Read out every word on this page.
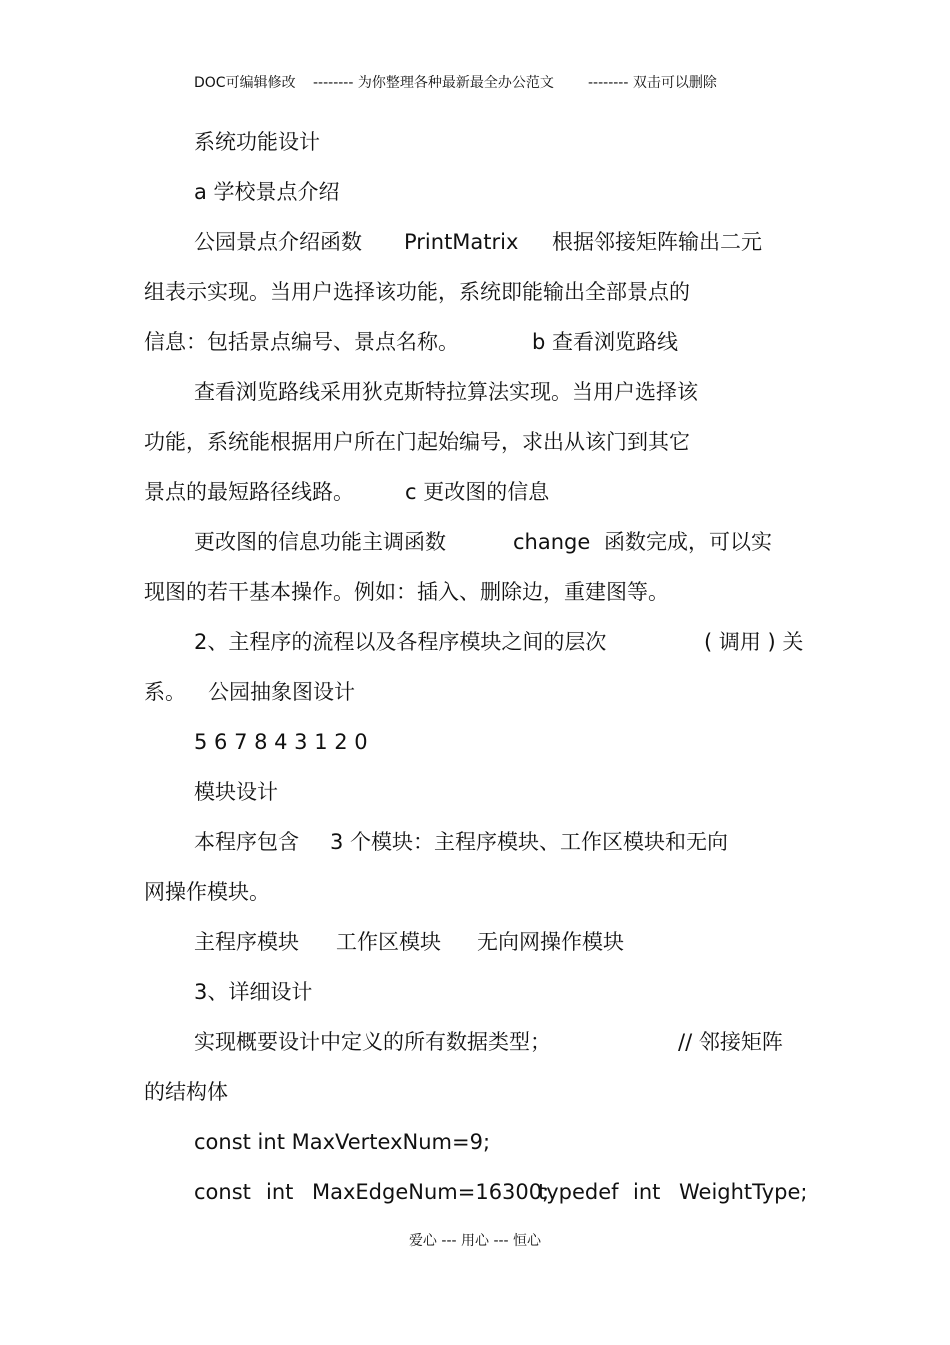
DOC可编辑修改 -------- 为你整理各种最新最全办公范文 -------- 双击可以删除
系统功能设计
a 学校景点介绍
公园景点介绍函数 PrintMatrix 根据邻接矩阵输出二元
组表示实现。当用户选择该功能，系统即能输出全部景点的
信息：包括景点编号、景点名称。	b 查看浏览路线
查看浏览路线采用狄克斯特拉算法实现。当用户选择该
功能，系统能根据用户所在门起始编号，求出从该门到其它
景点的最短路径线路。 c 更改图的信息
更改图的信息功能主调函数	change 函数完成，可以实
现图的若干基本操作。例如：插入、删除边，重建图等。
2、主程序的流程以及各程序模块之间的层次	( 调用 ) 关
系。 公园抽象图设计
5 6 7 8 4 3 1 2 0
模块设计
本程序包含 3 个模块：主程序模块、工作区模块和无向
网操作模块。
主程序模块 工作区模块 无向网操作模块
3、详细设计
实现概要设计中定义的所有数据类型；	// 邻接矩阵
的结构体
const int MaxVertexNum=9;
const int MaxEdgeNum=16300;
typedef int WeightType;
爱心 --- 用心 --- 恒心
